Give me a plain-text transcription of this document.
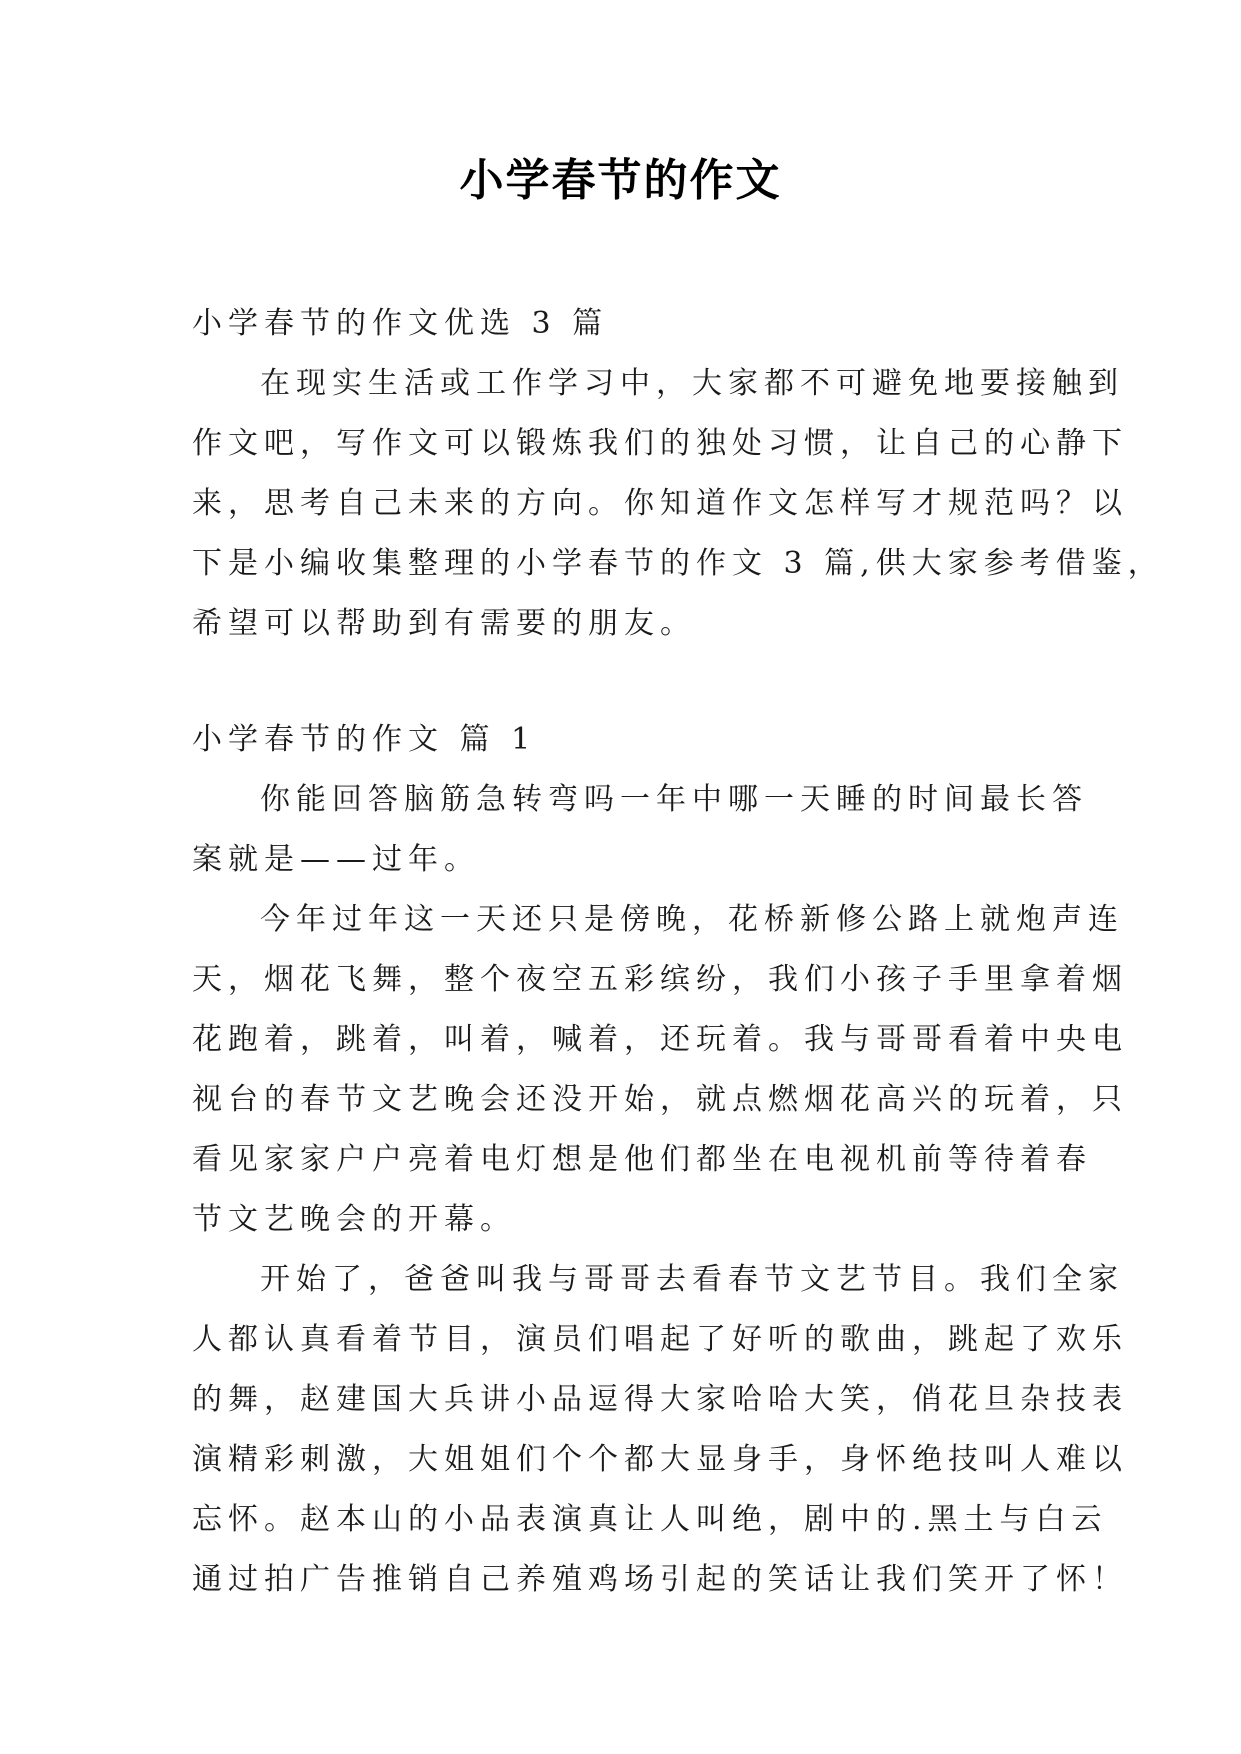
小学春节的作文
小学春节的作文优选 3 篇
在现实生活或工作学习中，大家都不可避免地要接触到
作文吧，写作文可以锻炼我们的独处习惯，让自己的心静下
来，思考自己未来的方向。你知道作文怎样写才规范吗？以
下是小编收集整理的小学春节的作文 3 篇,供大家参考借鉴，
希望可以帮助到有需要的朋友。
小学春节的作文 篇 1
你能回答脑筋急转弯吗一年中哪一天睡的时间最长答
案就是——过年。
今年过年这一天还只是傍晚，花桥新修公路上就炮声连
天，烟花飞舞，整个夜空五彩缤纷，我们小孩子手里拿着烟
花跑着，跳着，叫着，喊着，还玩着。我与哥哥看着中央电
视台的春节文艺晚会还没开始，就点燃烟花高兴的玩着，只
看见家家户户亮着电灯想是他们都坐在电视机前等待着春
节文艺晚会的开幕。
开始了，爸爸叫我与哥哥去看春节文艺节目。我们全家
人都认真看着节目，演员们唱起了好听的歌曲，跳起了欢乐
的舞，赵建国大兵讲小品逗得大家哈哈大笑，俏花旦杂技表
演精彩刺激，大姐姐们个个都大显身手，身怀绝技叫人难以
忘怀。赵本山的小品表演真让人叫绝，剧中的.黑土与白云
通过拍广告推销自己养殖鸡场引起的笑话让我们笑开了怀！
